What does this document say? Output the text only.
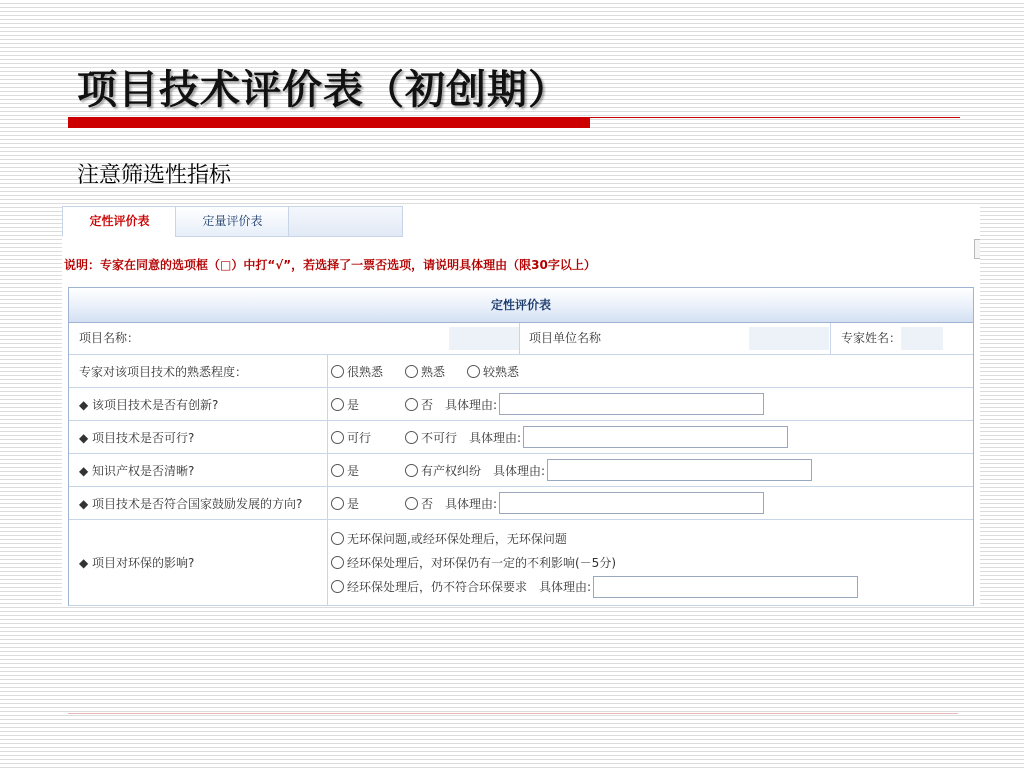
项目技术评价表（初创期）

注意筛选性指标

定性评价表	定量评价表
说明：专家在同意的选项框（□）中打“√”，若选择了一票否选项，请说明具体理由（限30字以上）
定性评价表
项目名称：	项目单位名称	专家姓名：
专家对该项目技术的熟悉程度：	很熟悉	熟悉	较熟悉
◆ 该项目技术是否有创新?	是	否 具体理由:
◆ 项目技术是否可行?	可行	不可行 具体理由:
◆ 知识产权是否清晰?	是	有产权纠纷 具体理由:
◆ 项目技术是否符合国家鼓励发展的方向?	是	否 具体理由:
◆ 项目对环保的影响?
无环保问题,或经环保处理后，无环保问题
经环保处理后，对环保仍有一定的不利影响(－5分)
经环保处理后，仍不符合环保要求 具体理由:
